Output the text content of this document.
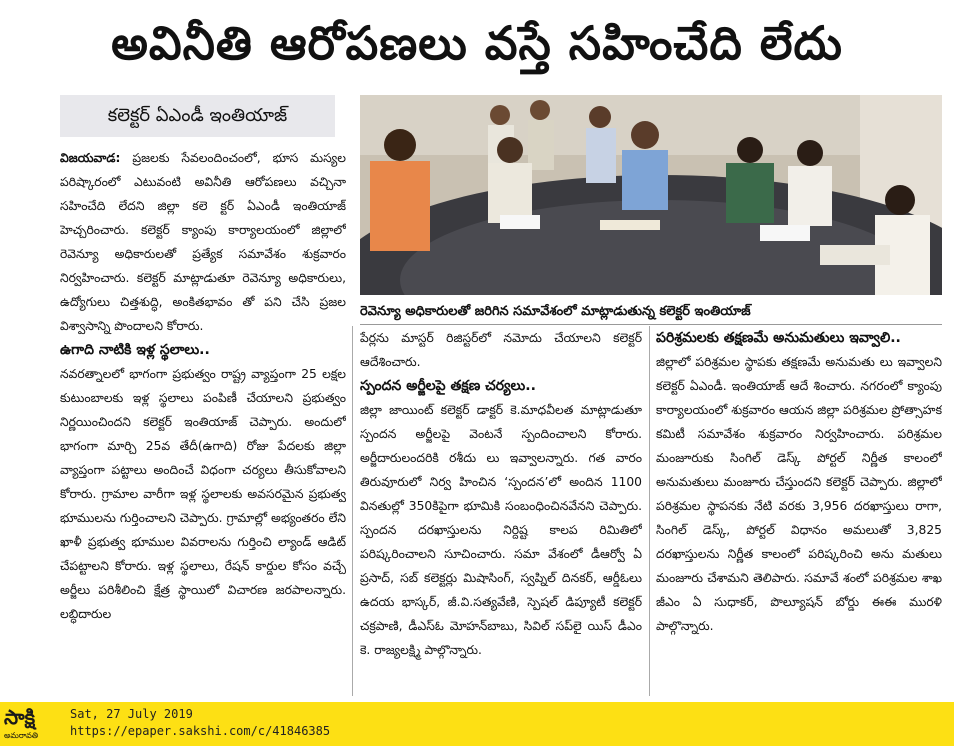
అవినీతి ఆరోపణలు వస్తే సహించేది లేదు
కలెక్టర్ ఏఎండీ ఇంతియాజ్
రెవెన్యూ అధికారులతో జరిగిన సమావేశంలో మాట్లాడుతున్న కలెక్టర్ ఇంతియాజ్

విజయవాడ: ప్రజలకు సేవలందించంలో, భూస మస్యల పరిష్కారంలో ఎటువంటి అవినీతి ఆరోపణలు వచ్చినా సహించేది లేదని జిల్లా కలె క్టర్ ఏఎండీ ఇంతియాజ్ హెచ్చరించారు. కలెక్టర్ క్యాంపు కార్యాలయంలో జిల్లాలో రెవెన్యూ అధికారులతో ప్రత్యేక సమావేశం శుక్రవారం నిర్వహించారు. కలెక్టర్ మాట్లాడుతూ రెవెన్యూ అధికారులు, ఉద్యోగులు చిత్తశుద్ధి, అంకితభావం తో పని చేసి ప్రజల విశ్వాసాన్ని పొందాలని కోరారు.

ఉగాది నాటికి ఇళ్ల స్థలాలు..

నవరత్నాలలో భాగంగా ప్రభుత్వం రాష్ట్ర వ్యాప్తంగా 25 లక్షల కుటుంబాలకు ఇళ్ల స్థలాలు పంపిణీ చేయాలని ప్రభుత్వం నిర్ణయించిందని కలెక్టర్ ఇంతియాజ్ చెప్పారు. అందులో భాగంగా మార్చి 25వ తేదీ(ఉగాది) రోజు పేదలకు జిల్లా వ్యాప్తంగా పట్టాలు అందించే విధంగా చర్యలు తీసుకోవాలని కోరారు. గ్రామాల వారీగా ఇళ్ల స్థలాలకు అవసరమైన ప్రభుత్వ భూములను గుర్తించాలని చెప్పారు. గ్రామాల్లో అభ్యంతరం లేని ఖాళీ ప్రభుత్వ భూముల వివరాలను గుర్తించి ల్యాండ్ ఆడిట్ చేపట్టాలని కోరారు. ఇళ్ల స్థలాలు, రేషన్ కార్డుల కోసం వచ్చే అర్జీలు పరిశీలించి క్షేత్ర స్థాయిలో విచారణ జరపాలన్నారు. లబ్ధిదారుల

పేర్లను మాస్టర్ రిజిస్టర్‌లో నమోదు చేయాలని కలెక్టర్ ఆదేశించారు.

స్పందన అర్జీలపై తక్షణ చర్యలు..

జిల్లా జాయింట్ కలెక్టర్ డాక్టర్ కె.మాధవీలత మాట్లాడుతూ స్పందన అర్జీలపై వెంటనే స్పందించాలని కోరారు. అర్జీదారులందరికి రశీదు లు ఇవ్వాలన్నారు. గత వారం తిరువూరులో నిర్వ హించిన ‘స్పందన’లో అందిన 1100 వినతుల్లో 350కిపైగా భూమికి సంబంధించినవేనని చెప్పారు. స్పందన దరఖాస్తులను నిర్దిష్ట కాలప రిమితిలో పరిష్కరించాలని సూచించారు. సమా వేశంలో డీఆర్వో ఏ ప్రసాద్, సబ్ కలెక్టర్లు మిషాసింగ్, స్వప్నిల్ దినకర్, ఆర్డీఓలు ఉదయ భాస్కర్, జీ.వి.సత్యవేణి, స్పెషల్ డిప్యూటీ కలెక్టర్ చక్రపాణి, డీఎస్ఓ మోహన్‌బాబు, సివిల్ సప్‌లై యిస్ డీఎం కె. రాజ్యలక్ష్మి పాల్గొన్నారు.

పరిశ్రమలకు తక్షణమే అనుమతులు ఇవ్వాలి..

జిల్లాలో పరిశ్రమల స్థాపకు తక్షణమే అనుమతు లు ఇవ్వాలని కలెక్టర్ ఏఎండీ. ఇంతియాజ్ ఆదే శించారు. నగరంలో క్యాంపు కార్యాలయంలో శుక్రవారం ఆయన జిల్లా పరిశ్రమల ప్రోత్సాహక కమిటీ సమావేశం శుక్రవారం నిర్వహించారు. పరిశ్రమల మంజూరుకు సింగిల్ డెస్క్ పోర్టల్ నిర్ణీత కాలంలో అనుమతులు మంజూరు చేస్తుందని కలెక్టర్ చెప్పారు. జిల్లాలో పరిశ్రమల స్థాపనకు నేటి వరకు 3,956 దరఖాస్తులు రాగా, సింగిల్ డెస్క్, పోర్టల్ విధానం అమలుతో 3,825 దరఖాస్తులను నిర్ణీత కాలంలో పరిష్కరించి అను మతులు మంజూరు చేశామని తెలిపారు. సమావే శంలో పరిశ్రమల శాఖ జీఎం ఏ సుధాకర్, పొల్యూషన్ బోర్డు ఈఈ మురళి పాల్గొన్నారు.

సాక్షి
అమరావతి
Sat, 27 July 2019
https://epaper.sakshi.com/c/41846385
